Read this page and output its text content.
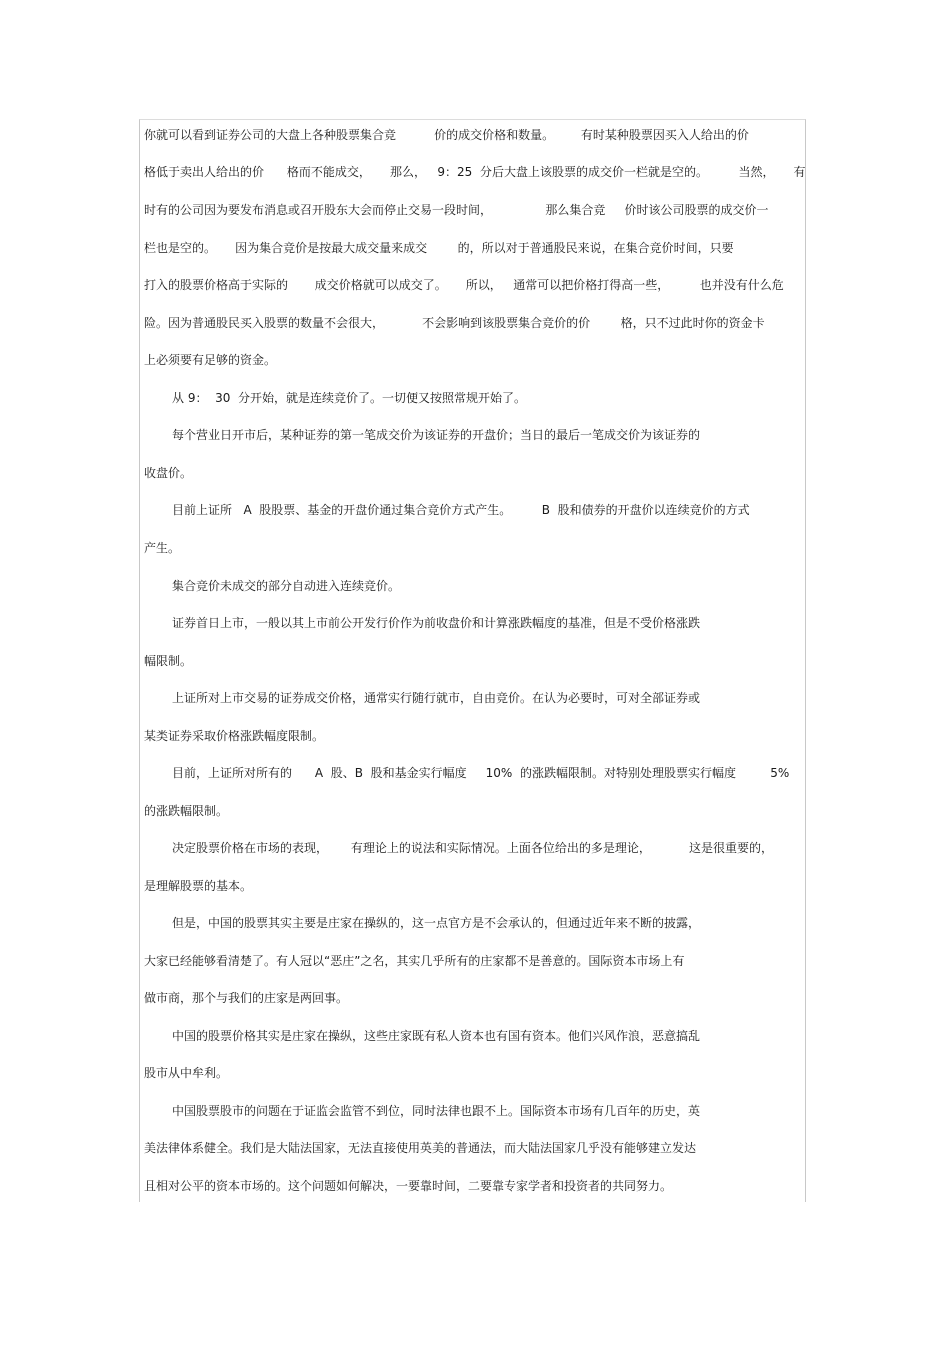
你就可以看到证券公司的大盘上各种股票集合竞          价的成交价格和数量。       有时某种股票因买入人给出的价
格低于卖出人给出的价      格而不能成交，     那么，   9：25  分后大盘上该股票的成交价一栏就是空的。        当然，     有
时有的公司因为要发布消息或召开股东大会而停止交易一段时间，              那么集合竞     价时该公司股票的成交价一
栏也是空的。     因为集合竞价是按最大成交量来成交        的，所以对于普通股民来说，在集合竞价时间，只要
打入的股票价格高于实际的       成交价格就可以成交了。     所以，   通常可以把价格打得高一些，        也并没有什么危
险。因为普通股民买入股票的数量不会很大，          不会影响到该股票集合竞价的价        格，只不过此时你的资金卡
上必须要有足够的资金。
从 9：  30  分开始，就是连续竞价了。一切便又按照常规开始了。
每个营业日开市后，某种证券的第一笔成交价为该证券的开盘价；当日的最后一笔成交价为该证券的
收盘价。
目前上证所   A  股股票、基金的开盘价通过集合竞价方式产生。        B  股和债券的开盘价以连续竞价的方式
产生。
集合竞价未成交的部分自动进入连续竞价。
证券首日上市，一般以其上市前公开发行价作为前收盘价和计算涨跌幅度的基准，但是不受价格涨跌
幅限制。
上证所对上市交易的证券成交价格，通常实行随行就市，自由竞价。在认为必要时，可对全部证券或
某类证券采取价格涨跌幅度限制。
目前，上证所对所有的      A  股、B  股和基金实行幅度     10%  的涨跌幅限制。对特别处理股票实行幅度         5%
的涨跌幅限制。
决定股票价格在市场的表现，      有理论上的说法和实际情况。上面各位给出的多是理论，          这是很重要的，
是理解股票的基本。
但是，中国的股票其实主要是庄家在操纵的，这一点官方是不会承认的，但通过近年来不断的披露，
大家已经能够看清楚了。有人冠以“恶庄”之名，其实几乎所有的庄家都不是善意的。国际资本市场上有
做市商，那个与我们的庄家是两回事。
中国的股票价格其实是庄家在操纵，这些庄家既有私人资本也有国有资本。他们兴风作浪，恶意搞乱
股市从中牟利。
中国股票股市的问题在于证监会监管不到位，同时法律也跟不上。国际资本市场有几百年的历史，英
美法律体系健全。我们是大陆法国家，无法直接使用英美的普通法，而大陆法国家几乎没有能够建立发达
且相对公平的资本市场的。这个问题如何解决，一要靠时间，二要靠专家学者和投资者的共同努力。
